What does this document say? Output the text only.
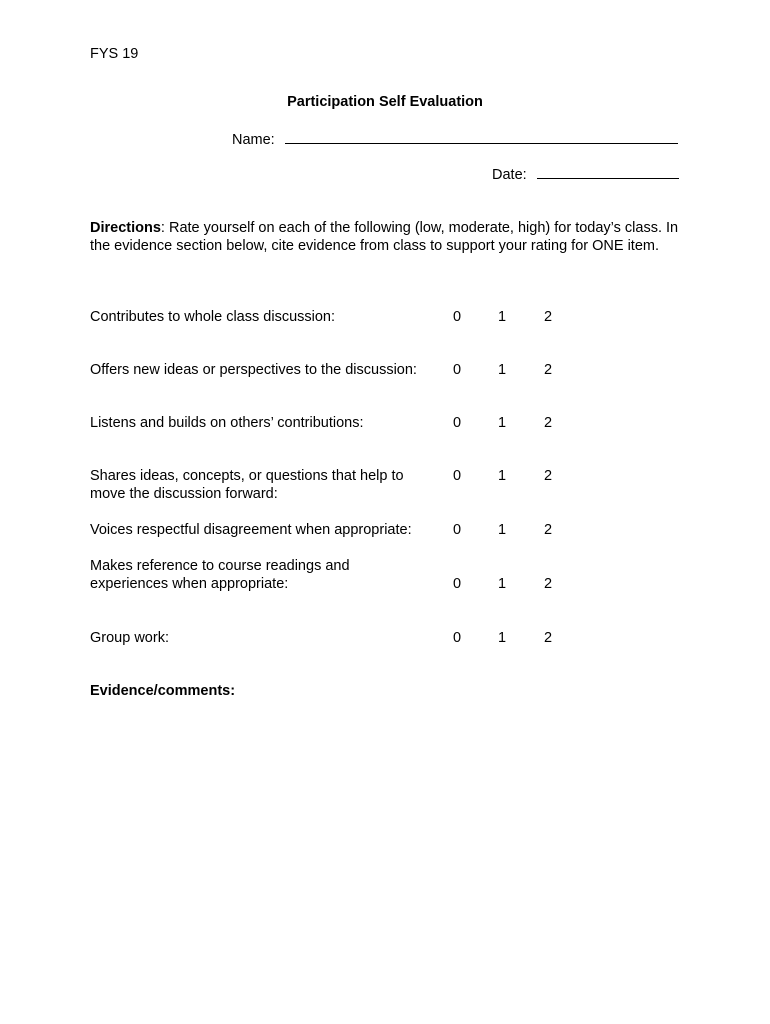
FYS 19
Participation Self Evaluation
Name:
Date:
Directions: Rate yourself on each of the following (low, moderate, high) for today’s class. In the evidence section below, cite evidence from class to support your rating for ONE item.
Contributes to whole class discussion:	0	1	2
Offers new ideas or perspectives to the discussion:	0	1	2
Listens and builds on others’ contributions:	0	1	2
Shares ideas, concepts, or questions that help to
move the discussion forward:
0	1	2
Voices respectful disagreement when appropriate:	0	1	2
Makes reference to course readings and
experiences when appropriate:	0	1	2
Group work:	0	1	2
Evidence/comments:
